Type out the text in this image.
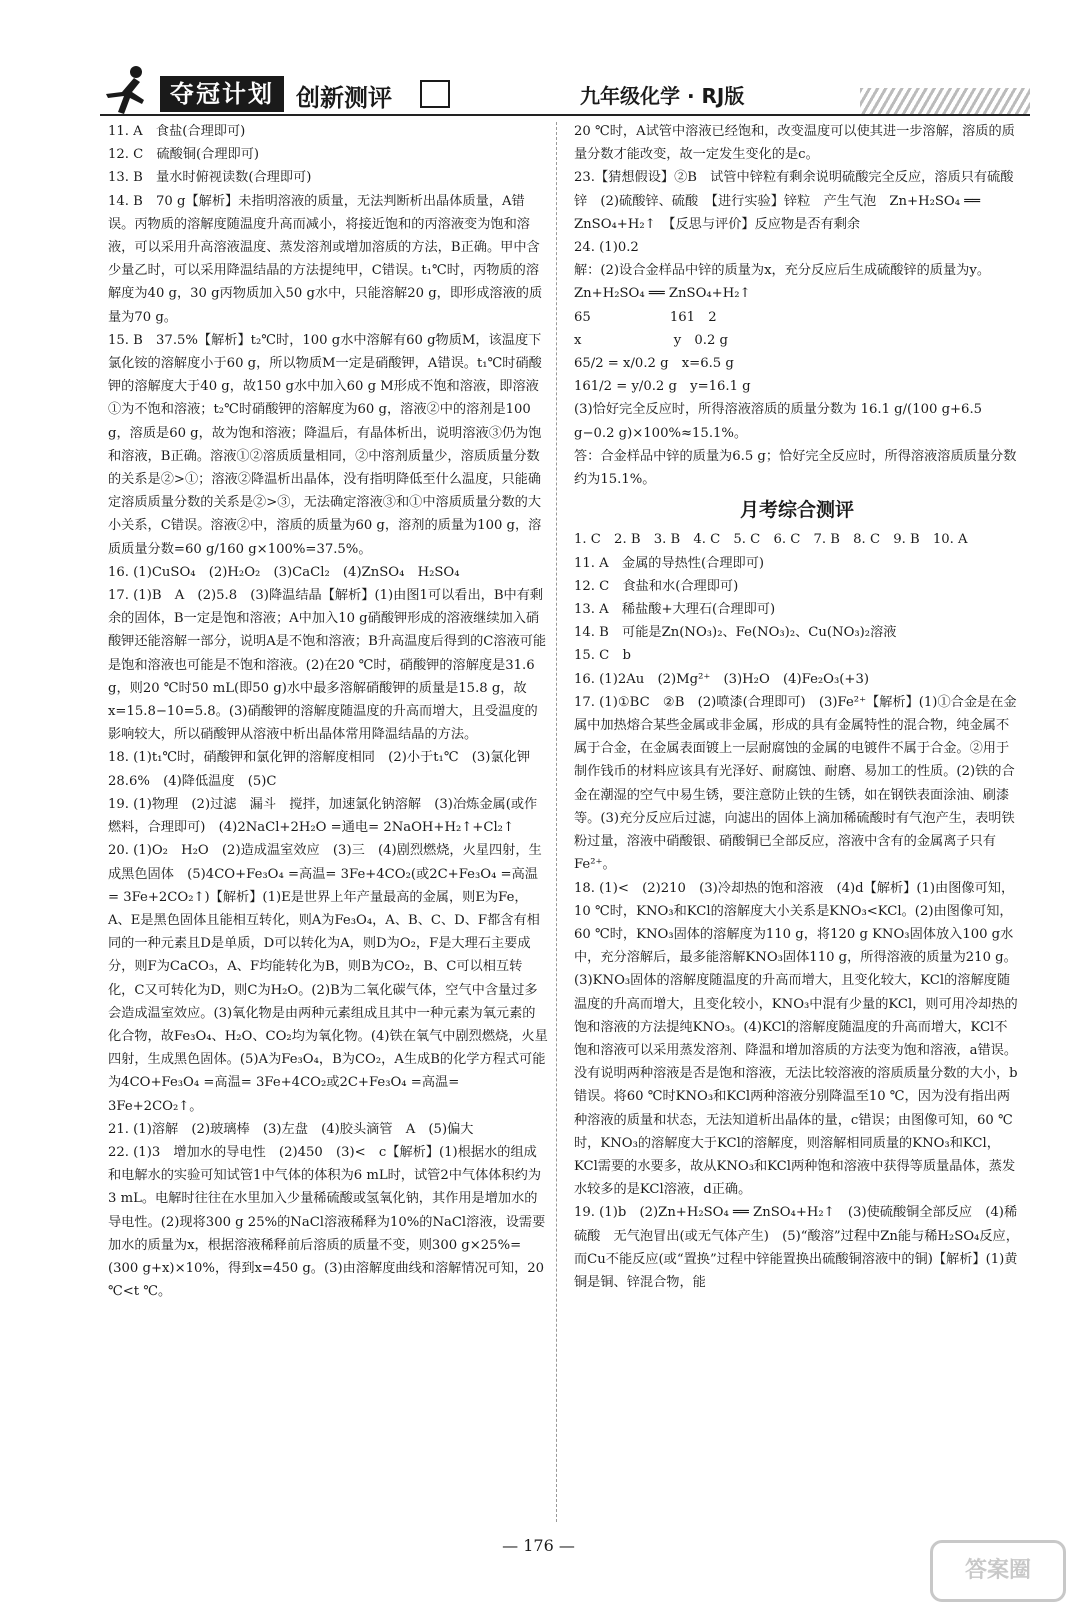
夺冠计划 创新测评	九年级化学 · RJ版

11. A　食盐(合理即可)

12. C　硫酸铜(合理即可)

13. B　量水时俯视读数(合理即可)

14. B　70 g【解析】未指明溶液的质量，无法判断析出晶体质量，A错误。丙物质的溶解度随温度升高而减小，将接近饱和的丙溶液变为饱和溶液，可以采用升高溶液温度、蒸发溶剂或增加溶质的方法，B正确。甲中含少量乙时，可以采用降温结晶的方法提纯甲，C错误。t₁℃时，丙物质的溶解度为40 g，30 g丙物质加入50 g水中，只能溶解20 g，即形成溶液的质量为70 g。

15. B　37.5%【解析】t₂℃时，100 g水中溶解有60 g物质M，该温度下氯化铵的溶解度小于60 g，所以物质M一定是硝酸钾，A错误。t₁℃时硝酸钾的溶解度大于40 g，故150 g水中加入60 g M形成不饱和溶液，即溶液①为不饱和溶液；t₂℃时硝酸钾的溶解度为60 g，溶液②中的溶剂是100 g，溶质是60 g，故为饱和溶液；降温后，有晶体析出，说明溶液③仍为饱和溶液，B正确。溶液①②溶质质量相同，②中溶剂质量少，溶质质量分数的关系是②>①；溶液②降温析出晶体，没有指明降低至什么温度，只能确定溶质质量分数的关系是②>③，无法确定溶液③和①中溶质质量分数的大小关系，C错误。溶液②中，溶质的质量为60 g，溶剂的质量为100 g，溶质质量分数=60 g/160 g×100%=37.5%。

16. (1)CuSO₄　(2)H₂O₂　(3)CaCl₂　(4)ZnSO₄　H₂SO₄

17. (1)B　A　(2)5.8　(3)降温结晶【解析】(1)由图1可以看出，B中有剩余的固体，B一定是饱和溶液；A中加入10 g硝酸钾形成的溶液继续加入硝酸钾还能溶解一部分，说明A是不饱和溶液；B升高温度后得到的C溶液可能是饱和溶液也可能是不饱和溶液。(2)在20 ℃时，硝酸钾的溶解度是31.6 g，则20 ℃时50 mL(即50 g)水中最多溶解硝酸钾的质量是15.8 g，故x=15.8−10=5.8。(3)硝酸钾的溶解度随温度的升高而增大，且受温度的影响较大，所以硝酸钾从溶液中析出晶体常用降温结晶的方法。

18. (1)t₁℃时，硝酸钾和氯化钾的溶解度相同　(2)小于t₁℃　(3)氯化钾　28.6%　(4)降低温度　(5)C

19. (1)物理　(2)过滤　漏斗　搅拌，加速氯化钠溶解　(3)冶炼金属(或作燃料，合理即可)　(4)2NaCl+2H₂O =通电= 2NaOH+H₂↑+Cl₂↑

20. (1)O₂　H₂O　(2)造成温室效应　(3)三　(4)剧烈燃烧，火星四射，生成黑色固体　(5)4CO+Fe₃O₄ =高温= 3Fe+4CO₂(或2C+Fe₃O₄ =高温= 3Fe+2CO₂↑)【解析】(1)E是世界上年产量最高的金属，则E为Fe，A、E是黑色固体且能相互转化，则A为Fe₃O₄，A、B、C、D、F都含有相同的一种元素且D是单质，D可以转化为A，则D为O₂，F是大理石主要成分，则F为CaCO₃，A、F均能转化为B，则B为CO₂，B、C可以相互转化，C又可转化为D，则C为H₂O。(2)B为二氧化碳气体，空气中含量过多会造成温室效应。(3)氧化物是由两种元素组成且其中一种元素为氧元素的化合物，故Fe₃O₄、H₂O、CO₂均为氧化物。(4)铁在氧气中剧烈燃烧，火星四射，生成黑色固体。(5)A为Fe₃O₄，B为CO₂，A生成B的化学方程式可能为4CO+Fe₃O₄ =高温= 3Fe+4CO₂或2C+Fe₃O₄ =高温= 3Fe+2CO₂↑。

21. (1)溶解　(2)玻璃棒　(3)左盘　(4)胶头滴管　A　(5)偏大

22. (1)3　增加水的导电性　(2)450　(3)<　c【解析】(1)根据水的组成和电解水的实验可知试管1中气体的体积为6 mL时，试管2中气体体积约为3 mL。电解时往往在水里加入少量稀硫酸或氢氧化钠，其作用是增加水的导电性。(2)现将300 g 25%的NaCl溶液稀释为10%的NaCl溶液，设需要加水的质量为x，根据溶液稀释前后溶质的质量不变，则300 g×25%=(300 g+x)×10%，得到x=450 g。(3)由溶解度曲线和溶解情况可知，20 ℃<t ℃。

20 ℃时，A试管中溶液已经饱和，改变温度可以使其进一步溶解，溶质的质量分数才能改变，故一定发生变化的是c。

23.【猜想假设】②B　试管中锌粒有剩余说明硫酸完全反应，溶质只有硫酸锌　(2)硫酸锌、硫酸　【进行实验】锌粒　产生气泡　Zn+H₂SO₄ ══ ZnSO₄+H₂↑　【反思与评价】反应物是否有剩余

24. (1)0.2

解：(2)设合金样品中锌的质量为x，充分反应后生成硫酸锌的质量为y。

Zn+H₂SO₄ ══ ZnSO₄+H₂↑

65　　　　　　161　2

x　　　　　　　y　0.2 g

65/2 = x/0.2 g　x=6.5 g

161/2 = y/0.2 g　y=16.1 g

(3)恰好完全反应时，所得溶液溶质的质量分数为 16.1 g/(100 g+6.5 g−0.2 g)×100%≈15.1%。

答：合金样品中锌的质量为6.5 g；恰好完全反应时，所得溶液溶质质量分数约为15.1%。

月考综合测评

1. C　2. B　3. B　4. C　5. C　6. C　7. B　8. C　9. B　10. A

11. A　金属的导热性(合理即可)

12. C　食盐和水(合理即可)

13. A　稀盐酸+大理石(合理即可)

14. B　可能是Zn(NO₃)₂、Fe(NO₃)₂、Cu(NO₃)₂溶液

15. C　b

16. (1)2Au　(2)Mg²⁺　(3)H₂O　(4)Fe₂O₃(+3)

17. (1)①BC　②B　(2)喷漆(合理即可)　(3)Fe²⁺【解析】(1)①合金是在金属中加热熔合某些金属或非金属，形成的具有金属特性的混合物，纯金属不属于合金，在金属表面镀上一层耐腐蚀的金属的电镀件不属于合金。②用于制作钱币的材料应该具有光泽好、耐腐蚀、耐磨、易加工的性质。(2)铁的合金在潮湿的空气中易生锈，要注意防止铁的生锈，如在钢铁表面涂油、刷漆等。(3)充分反应后过滤，向滤出的固体上滴加稀硫酸时有气泡产生，表明铁粉过量，溶液中硝酸银、硝酸铜已全部反应，溶液中含有的金属离子只有Fe²⁺。

18. (1)<　(2)210　(3)冷却热的饱和溶液　(4)d【解析】(1)由图像可知，10 ℃时，KNO₃和KCl的溶解度大小关系是KNO₃<KCl。(2)由图像可知，60 ℃时，KNO₃固体的溶解度为110 g，将120 g KNO₃固体放入100 g水中，充分溶解后，最多能溶解KNO₃固体110 g，所得溶液的质量为210 g。(3)KNO₃固体的溶解度随温度的升高而增大，且变化较大，KCl的溶解度随温度的升高而增大，且变化较小，KNO₃中混有少量的KCl，则可用冷却热的饱和溶液的方法提纯KNO₃。(4)KCl的溶解度随温度的升高而增大，KCl不饱和溶液可以采用蒸发溶剂、降温和增加溶质的方法变为饱和溶液，a错误。没有说明两种溶液是否是饱和溶液，无法比较溶液的溶质质量分数的大小，b错误。将60 ℃时KNO₃和KCl两种溶液分别降温至10 ℃，因为没有指出两种溶液的质量和状态，无法知道析出晶体的量，c错误；由图像可知，60 ℃时，KNO₃的溶解度大于KCl的溶解度，则溶解相同质量的KNO₃和KCl，KCl需要的水要多，故从KNO₃和KCl两种饱和溶液中获得等质量晶体，蒸发水较多的是KCl溶液，d正确。

19. (1)b　(2)Zn+H₂SO₄ ══ ZnSO₄+H₂↑　(3)使硫酸铜全部反应　(4)稀硫酸　无气泡冒出(或无气体产生)　(5)“酸溶”过程中Zn能与稀H₂SO₄反应，而Cu不能反应(或“置换”过程中锌能置换出硫酸铜溶液中的铜)【解析】(1)黄铜是铜、锌混合物，能

— 176 —
答案圈
